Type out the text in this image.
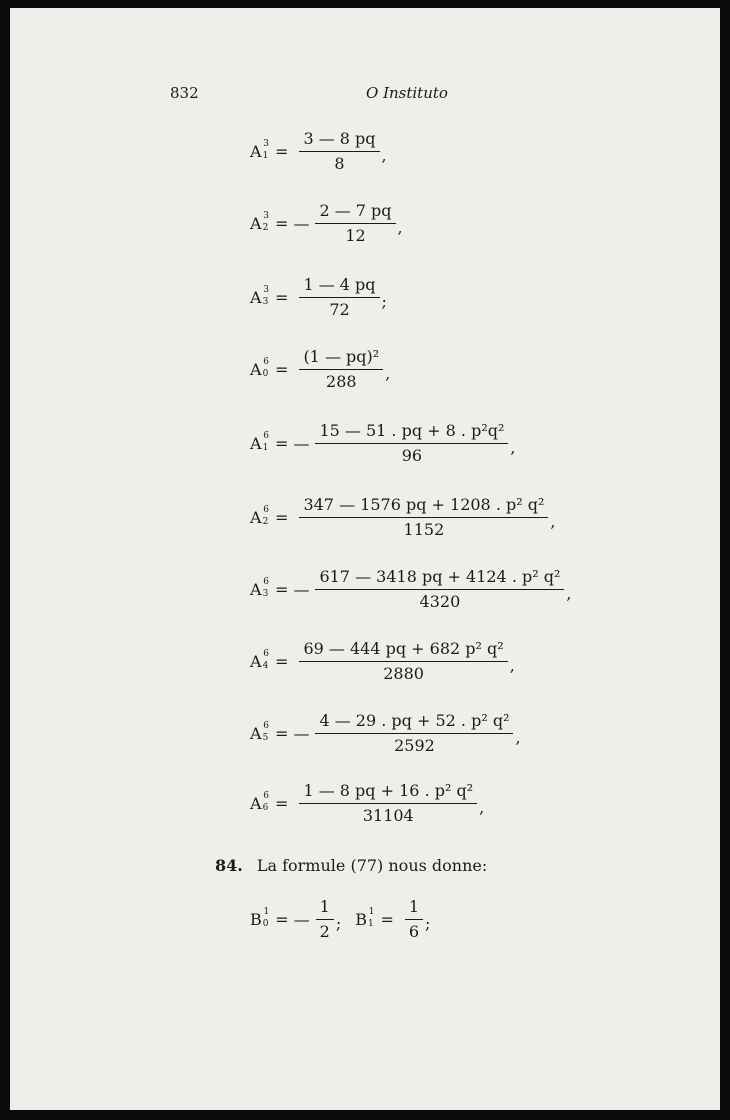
832	O Instituto
A 1
$3 = \frac{3 — 8 pq}{8}$ ,
A 2
3 = — $\frac{2 — 7 pq}{12}$ ,
A 3
$3 = \frac{1 — 4 pq}{72}$ ;
A 0
$6 = \frac{\text{(1 — pq)²}}{288}$ ,
A 1
6 = — $\frac{\text{15 — 51 . pq + 8 . p²q²}}{96}$ ,
A 2
$6 = \frac{\text{347 — 1576 pq + 1208 . p² q²}}{1152}$ ,
A 3
6 = — $\frac{\text{617 — 3418 pq + 4124 . p² q²}}{4320}$ ,
A 4
$6 = \frac{\text{69 — 444 pq + 682 p² q²}}{2880}$ ,
A 5
6 = — $\frac{\text{4 — 29 . pq + 52 . p² q²}}{2592}$ ,
A 6
$6 = \frac{\text{1 — 8 pq + 16 . p² q²}}{31104}$ ,
84. La formule (77) nous donne:
B 0
1 = — $\frac{1}{2}$ ; B 1
$1 = \frac{1}{6}$ ;
